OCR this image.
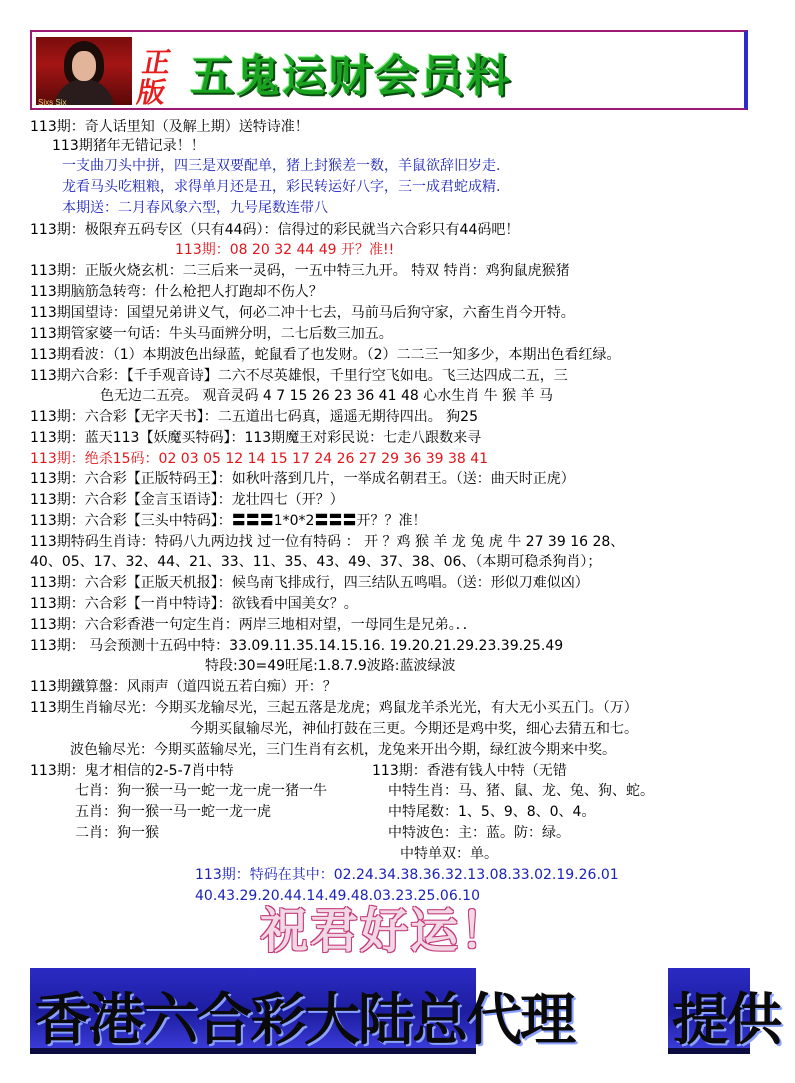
Sixs Six
正版 五鬼运财会员料
113期：奇人话里知（及解上期）送特诗准！
113期猪年无错记录！！
一支曲刀头中拼，四三是双要配单，猪上封猴差一数，羊鼠欲辞旧岁走.
龙看马头吃粗粮，求得单月还是丑，彩民转运好八字，三一成君蛇成精.
本期送：二月春风象六型，九号尾数连带八
113期：极限弃五码专区（只有44码）：信得过的彩民就当六合彩只有44码吧！
113期：08 20 32 44 49 开？准!!
113期：正版火烧玄机：二三后来一灵码，一五中特三九开。 特双 特肖：鸡狗鼠虎猴猪
113期脑筋急转弯：什么枪把人打跑却不伤人？
113期国望诗：国望兄弟讲义气，何必二冲十七去，马前马后狗守家，六畜生肖今开特。
113期管家婆一句话：牛头马面辨分明，二七后数三加五。
113期看波：（1）本期波色出绿蓝，蛇鼠看了也发财。（2）二二三一知多少，本期出色看红绿。
113期六合彩：【千手观音诗】二六不尽英雄恨，千里行空飞如电。飞三达四成二五，三
色无边二五亮。 观音灵码 4 7 15 26 23 36 41 48 心水生肖 牛 猴 羊 马
113期：六合彩【无字天书】：二五道出七码真，遥遥无期待四出。 狗25
113期：蓝天113【妖魔买特码】：113期魔王对彩民说：七走八跟数来寻
113期：绝杀15码：02 03 05 12 14 15 17 24 26 27 29 36 39 38 41
113期：六合彩【正版特码王】：如秋叶落到几片，一举成名朝君王。（送：曲天时正虎）
113期：六合彩【金言玉语诗】：龙壮四七（开？）
113期：六合彩【三头中特码】：〓〓〓1*0*2〓〓〓开？？准！
113期特码生肖诗：特码八九两边找 过一位有特码 ： 开 ？鸡 猴 羊 龙 兔 虎 牛 27 39 16 28、
40、05、17、32、44、21、33、11、35、43、49、37、38、06、（本期可稳杀狗肖）；
113期：六合彩【正版天机报】：候鸟南飞排成行，四三结队五鸣唱。（送：形似刀难似凶）
113期：六合彩【一肖中特诗】：欲钱看中国美女？。
113期：六合彩香港一句定生肖：两岸三地相对望，一母同生是兄弟。．．
113期： 马会预测十五码中特：33.09.11.35.14.15.16. 19.20.21.29.23.39.25.49
特段:30=49旺尾:1.8.7.9波路:蓝波绿波
113期鐵算盤：风雨声（道四说五若白痴）开：？
113期生肖输尽光：今期买龙输尽光，三起五落是龙虎；鸡鼠龙羊杀光光，有大无小买五门。（万）
今期买鼠输尽光，神仙打鼓在三更。今期还是鸡中奖，细心去猜五和七。
波色输尽光：今期买蓝输尽光，三门生肖有玄机，龙兔来开出今期，绿红波今期来中奖。
113期：鬼才相信的2-5-7肖中特
七肖：狗一猴一马一蛇一龙一虎一猪一牛
五肖：狗一猴一马一蛇一龙一虎
二肖：狗一猴
113期：香港有钱人中特（无错
中特生肖：马、猪、鼠、龙、兔、狗、蛇。
中特尾数：1、5、9、8、0、4。
中特波色：主：蓝。防：绿。
中特单双：单。
113期：特码在其中：02.24.34.38.36.32.13.08.33.02.19.26.01
40.43.29.20.44.14.49.48.03.23.25.06.10
祝君好运！
香港六合彩大陆总代理 提供
